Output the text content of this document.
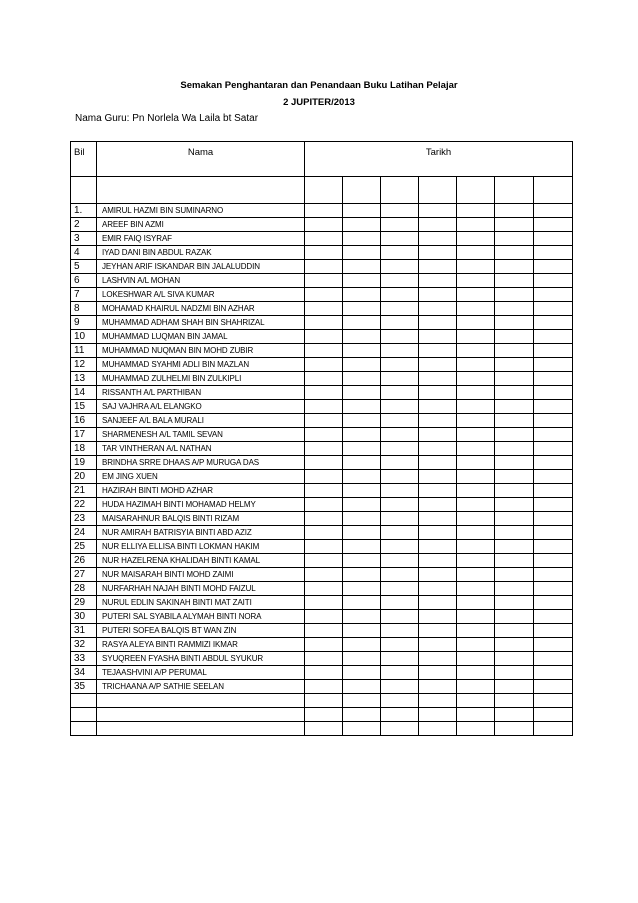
Semakan Penghantaran dan Penandaan Buku Latihan Pelajar
2 JUPITER/2013
Nama Guru: Pn Norlela Wa Laila bt Satar
Bil	Nama	Tarikh						

1.	AMIRUL HAZMI BIN SUMINARNO							
2	AREEF BIN AZMI							
3	EMIR FAIQ ISYRAF							
4	IYAD DANI BIN ABDUL RAZAK							
5	JEYHAN ARIF ISKANDAR BIN JALALUDDIN							
6	LASHVIN A/L MOHAN							
7	LOKESHWAR A/L SIVA KUMAR							
8	MOHAMAD KHAIRUL NADZMI BIN AZHAR							
9	MUHAMMAD ADHAM SHAH BIN SHAHRIZAL							
10	MUHAMMAD LUQMAN BIN JAMAL							
11	MUHAMMAD NUQMAN BIN MOHD ZUBIR							
12	MUHAMMAD SYAHMI ADLI BIN MAZLAN							
13	MUHAMMAD ZULHELMI BIN ZULKIPLI							
14	RISSANTH A/L PARTHIBAN							
15	SAJ VAJHRA A/L ELANGKO							
16	SANJEEF A/L BALA MURALI							
17	SHARMENESH A/L TAMIL SEVAN							
18	TAR VINTHERAN A/L NATHAN							
19	BRINDHA SRRE DHAAS A/P MURUGA DAS							
20	EM JING XUEN							
21	HAZIRAH BINTI MOHD AZHAR							
22	HUDA HAZIMAH BINTI MOHAMAD HELMY							
23	MAISARAHNUR BALQIS BINTI RIZAM							
24	NUR AMIRAH BATRISYIA BINTI ABD AZIZ							
25	NUR ELLIYA ELLISA BINTI LOKMAN HAKIM							
26	NUR HAZELRENA KHALIDAH BINTI KAMAL							
27	NUR MAISARAH BINTI MOHD ZAIMI							
28	NURFARHAH NAJAH BINTI MOHD FAIZUL							
29	NURUL EDLIN SAKINAH BINTI MAT ZAITI							
30	PUTERI SAL SYABILA ALYMAH BINTI NORA							
31	PUTERI SOFEA BALQIS BT WAN ZIN							
32	RASYA ALEYA BINTI RAMMIZI IKMAR							
33	SYUQREEN FYASHA BINTI ABDUL SYUKUR							
34	TEJAASHVINI A/P PERUMAL							
35	TRICHAANA A/P SATHIE SEELAN							
